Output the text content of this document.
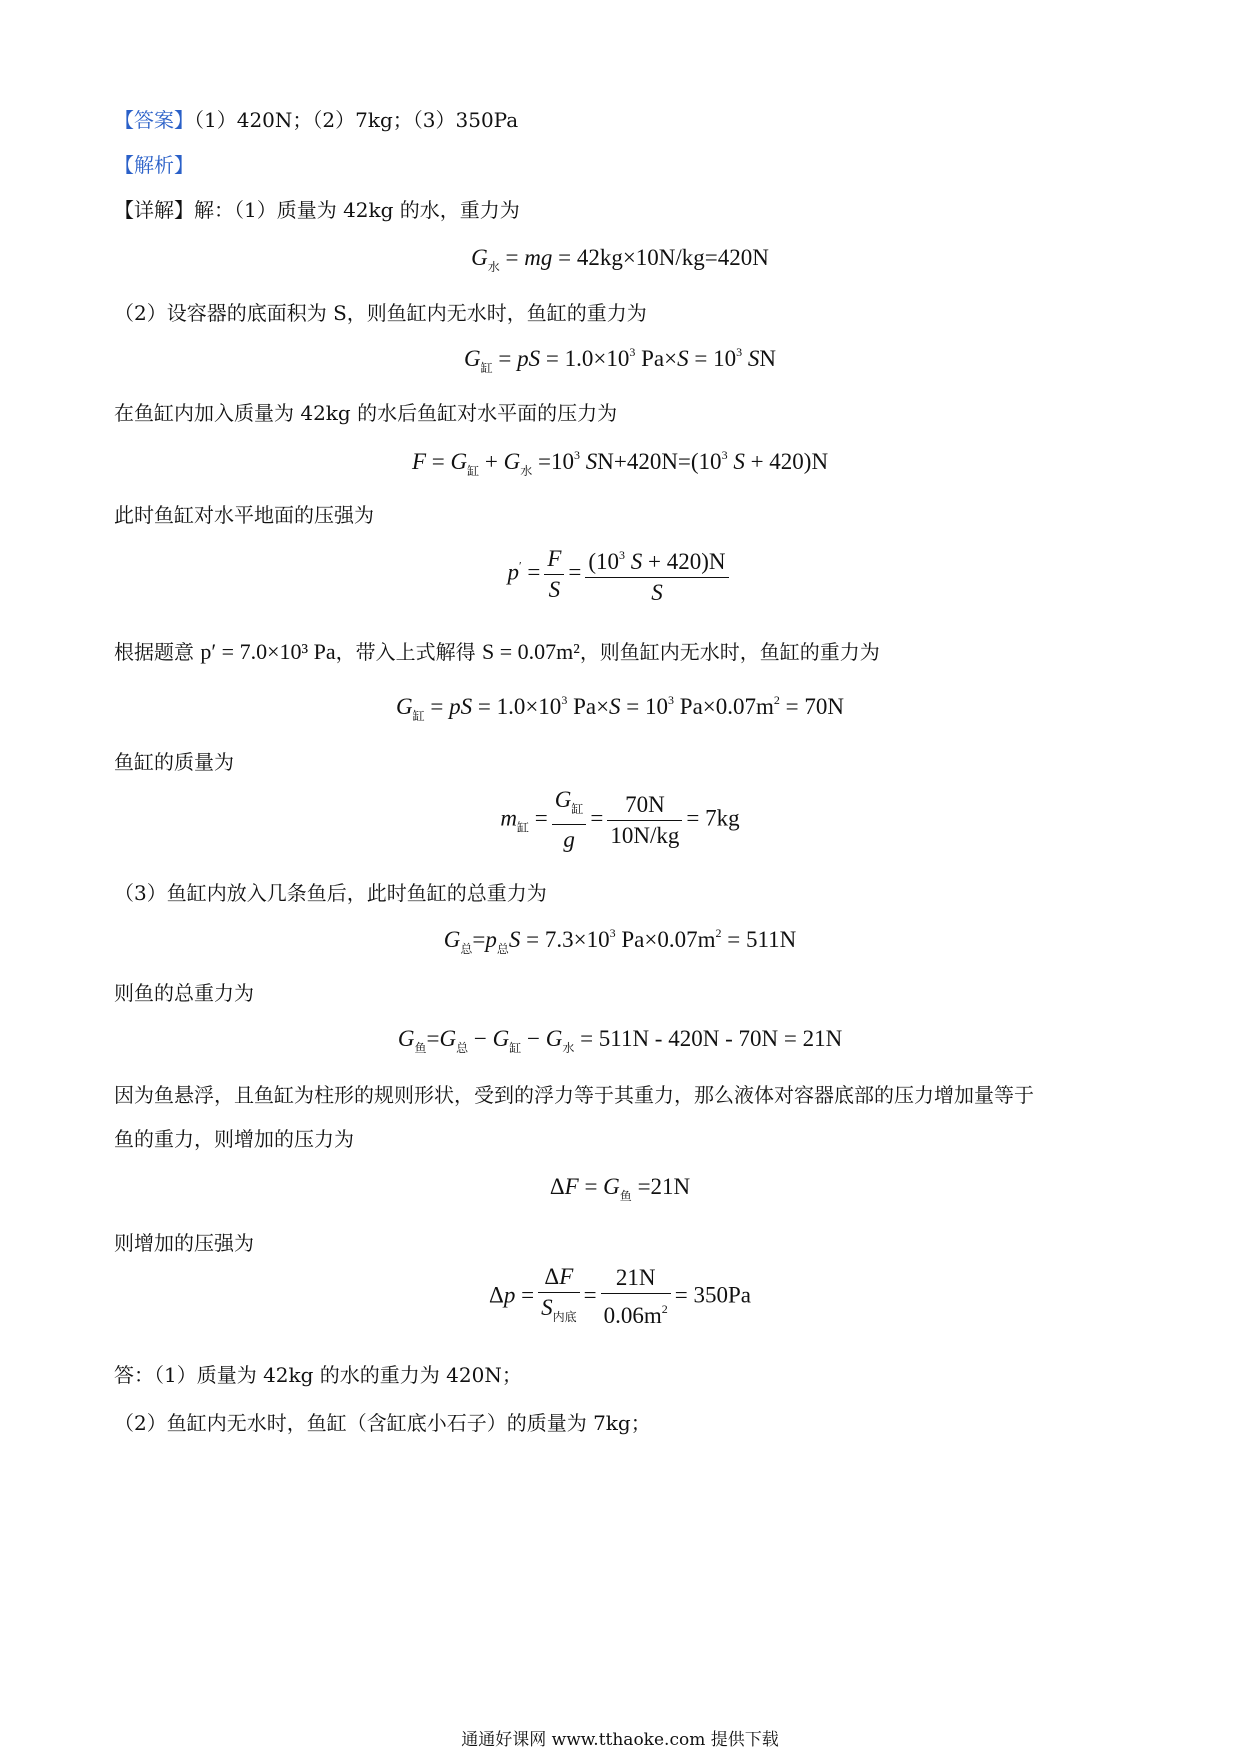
【答案】（1）420N；（2）7kg；（3）350Pa
【解析】
【详解】解：（1）质量为 42kg 的水，重力为
$G_水$ = mg = 42kg×10N/kg=420N
（2）设容器的底面积为 S，则鱼缸内无水时，鱼缸的重力为
$G_缸$ = pS = $1.0\times 10^3$ $Pa\times S = 10^3$ SN
在鱼缸内加入质量为 42kg 的水后鱼缸对水平面的压力为
$F = G_缸 + G_水 =10^3$ $SN+420N=(10^3$ S + 420)N
此时鱼缸对水平地面的压强为
$p' = \frac{F}{S} = \frac{(10^3 S + 420)N}{S}$
根据题意 p′ = 7.0×10³ Pa，带入上式解得 S = 0.07m²，则鱼缸内无水时，鱼缸的重力为
$G_缸$ = pS = $1.0\times 10^3$ $Pa\times S = 10^3$ $Pa\times 0.07m^2 = 70N$
鱼缸的质量为
$m_缸$ =
$G_缸$
g
= $\frac{70N}{10N/kg} = 7kg$
（3）鱼缸内放入几条鱼后，此时鱼缸的总重力为
$G_总=p_总S = 7.3\times 10^3$ $Pa\times 0.07m^2 = 511N$
则鱼的总重力为
$G_鱼=G_总 - G_缸 - G_水 = 511N - 420N - 70N = 21N$
因为鱼悬浮，且鱼缸为柱形的规则形状，受到的浮力等于其重力，那么液体对容器底部的压力增加量等于
鱼的重力，则增加的压力为
$\Delta F = G_鱼 =21N$
则增加的压强为
Δp =
ΔF
$S_{内底}$
= $\frac{21N}{0.06m^2} = 350Pa$
答：（1）质量为 42kg 的水的重力为 420N；
（2）鱼缸内无水时，鱼缸（含缸底小石子）的质量为 7kg；
通通好课网 www.tthaoke.com 提供下载
